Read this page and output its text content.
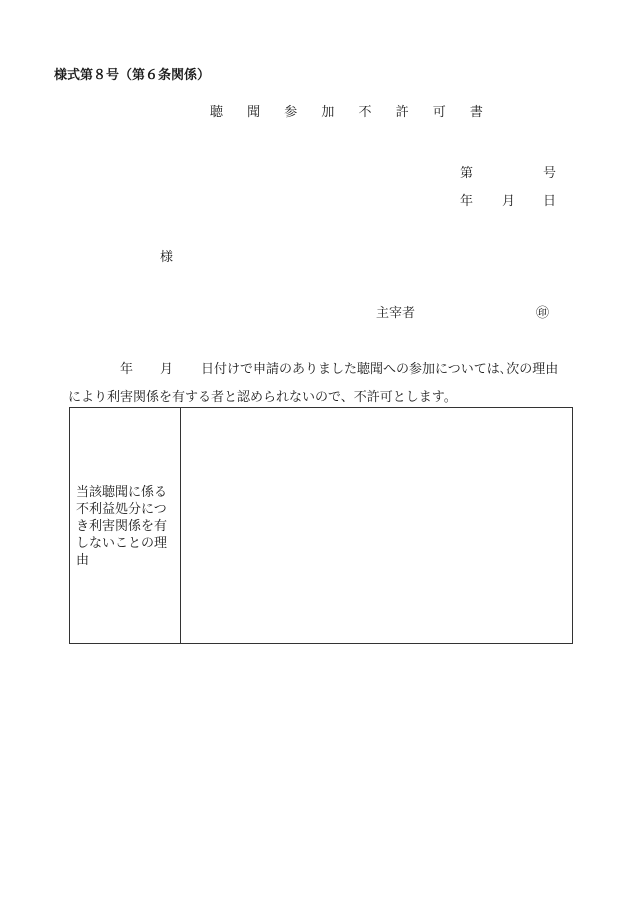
様式第８号（第６条関係）
聴 聞 参 加 不 許 可 書
第	号
年 月 日
様
主宰者	㊞
年 月 日付けで申請のありました聴聞への参加については､次の理由
により利害関係を有する者と認められないので、不許可とします。
当該聴聞に係る不利益処分につき利害関係を有しないことの理由
